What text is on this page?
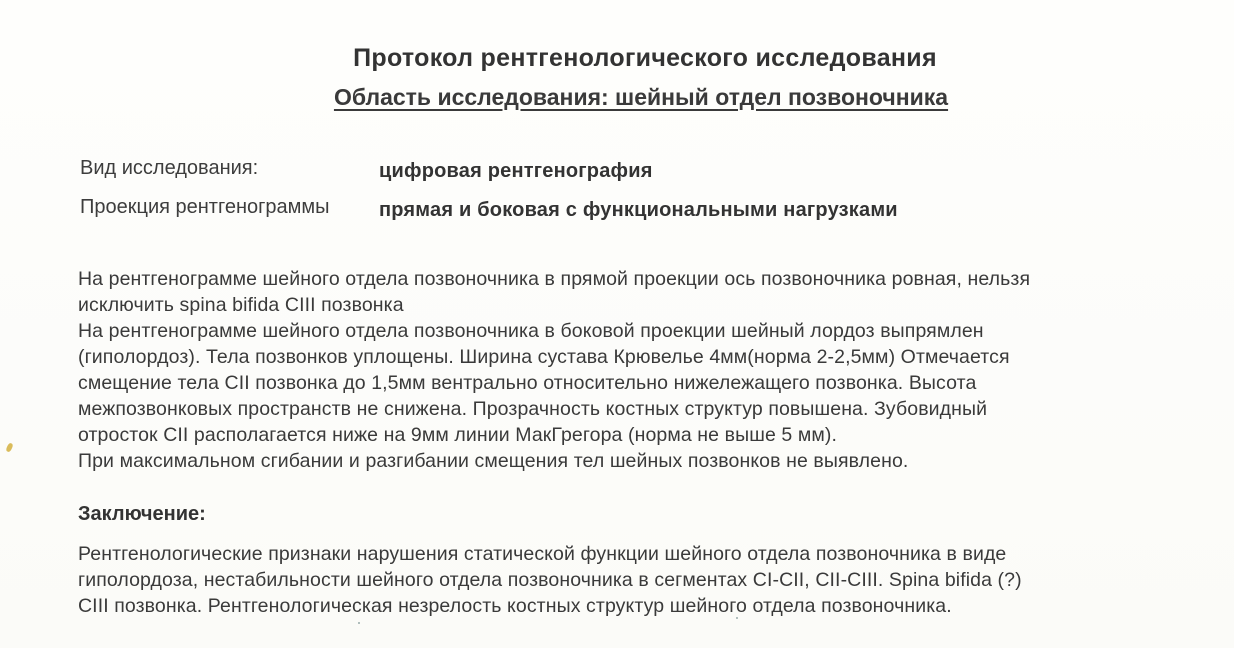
Протокол рентгенологического исследования
Область исследования: шейный отдел позвоночника
Вид исследования:	цифровая рентгенография
Проекция рентгенограммы прямая и боковая с функциональными нагрузками
На рентгенограмме шейного отдела позвоночника в прямой проекции ось позвоночника ровная, нельзя
исключить spina bifida CIII позвонка
На рентгенограмме шейного отдела позвоночника в боковой проекции шейный лордоз выпрямлен
(гиполордоз). Тела позвонков уплощены. Ширина сустава Крювелье 4мм(норма 2-2,5мм) Отмечается
смещение тела CII позвонка до 1,5мм вентрально относительно нижележащего позвонка. Высота
межпозвонковых пространств не снижена. Прозрачность костных структур повышена. Зубовидный
отросток CII располагается ниже на 9мм линии МакГрегора (норма не выше 5 мм).
При максимальном сгибании и разгибании смещения тел шейных позвонков не выявлено.
Заключение:
Рентгенологические признаки нарушения статической функции шейного отдела позвоночника в виде
гиполордоза, нестабильности шейного отдела позвоночника в сегментах CI-CII, CII-CIII. Spina bifida (?)
CIII позвонка. Рентгенологическая незрелость костных структур шейного отдела позвоночника.
